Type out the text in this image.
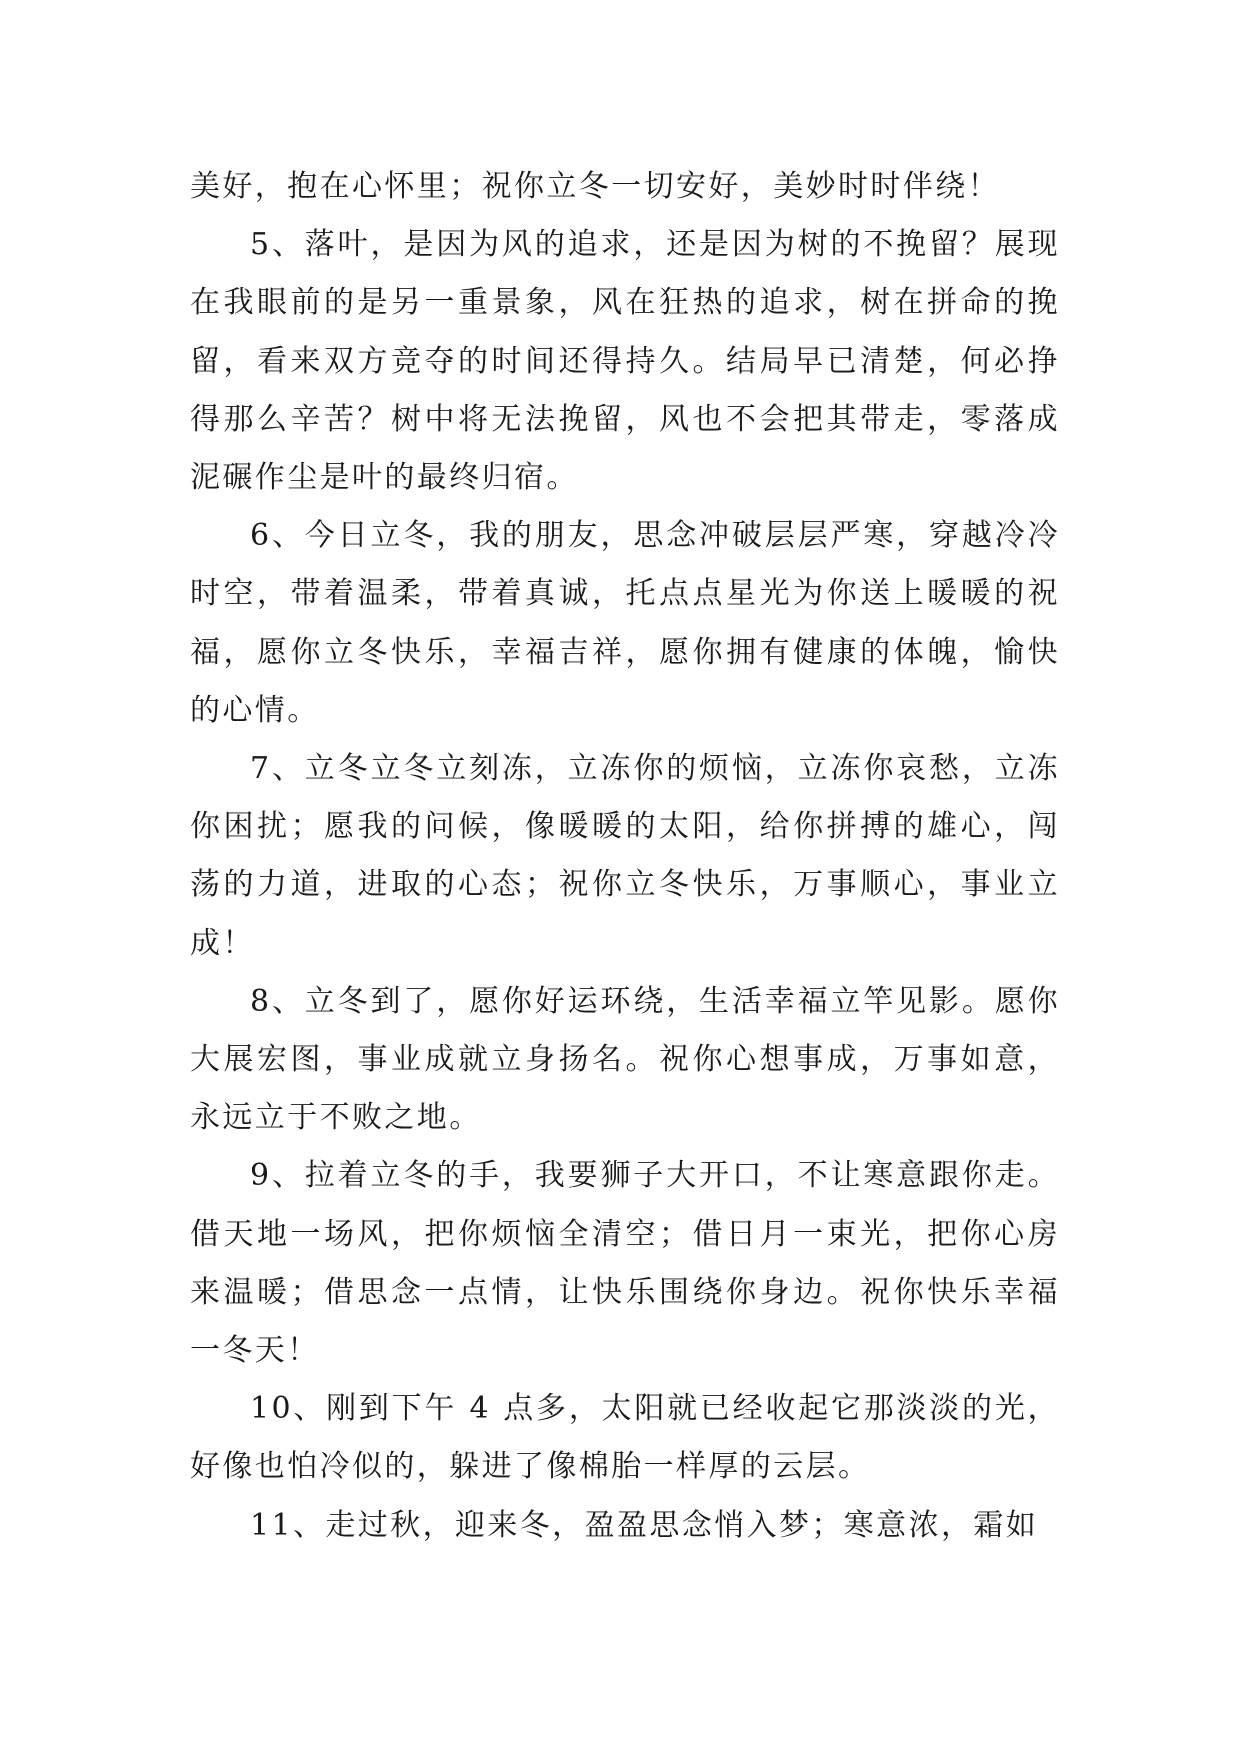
美好，抱在心怀里；祝你立冬一切安好，美妙时时伴绕！

5、落叶，是因为风的追求，还是因为树的不挽留？展现在我眼前的是另一重景象，风在狂热的追求，树在拼命的挽留，看来双方竞夺的时间还得持久。结局早已清楚，何必挣得那么辛苦？树中将无法挽留，风也不会把其带走，零落成泥碾作尘是叶的最终归宿。

6、今日立冬，我的朋友，思念冲破层层严寒，穿越冷冷时空，带着温柔，带着真诚，托点点星光为你送上暖暖的祝福，愿你立冬快乐，幸福吉祥，愿你拥有健康的体魄，愉快的心情。

7、立冬立冬立刻冻，立冻你的烦恼，立冻你哀愁，立冻你困扰；愿我的问候，像暖暖的太阳，给你拼搏的雄心，闯荡的力道，进取的心态；祝你立冬快乐，万事顺心，事业立成！

8、立冬到了，愿你好运环绕，生活幸福立竿见影。愿你大展宏图，事业成就立身扬名。祝你心想事成，万事如意，永远立于不败之地。

9、拉着立冬的手，我要狮子大开口，不让寒意跟你走。借天地一场风，把你烦恼全清空；借日月一束光，把你心房来温暖；借思念一点情，让快乐围绕你身边。祝你快乐幸福一冬天！

10、刚到下午 4 点多，太阳就已经收起它那淡淡的光，好像也怕冷似的，躲进了像棉胎一样厚的云层。

11、走过秋，迎来冬，盈盈思念悄入梦；寒意浓，霜如
